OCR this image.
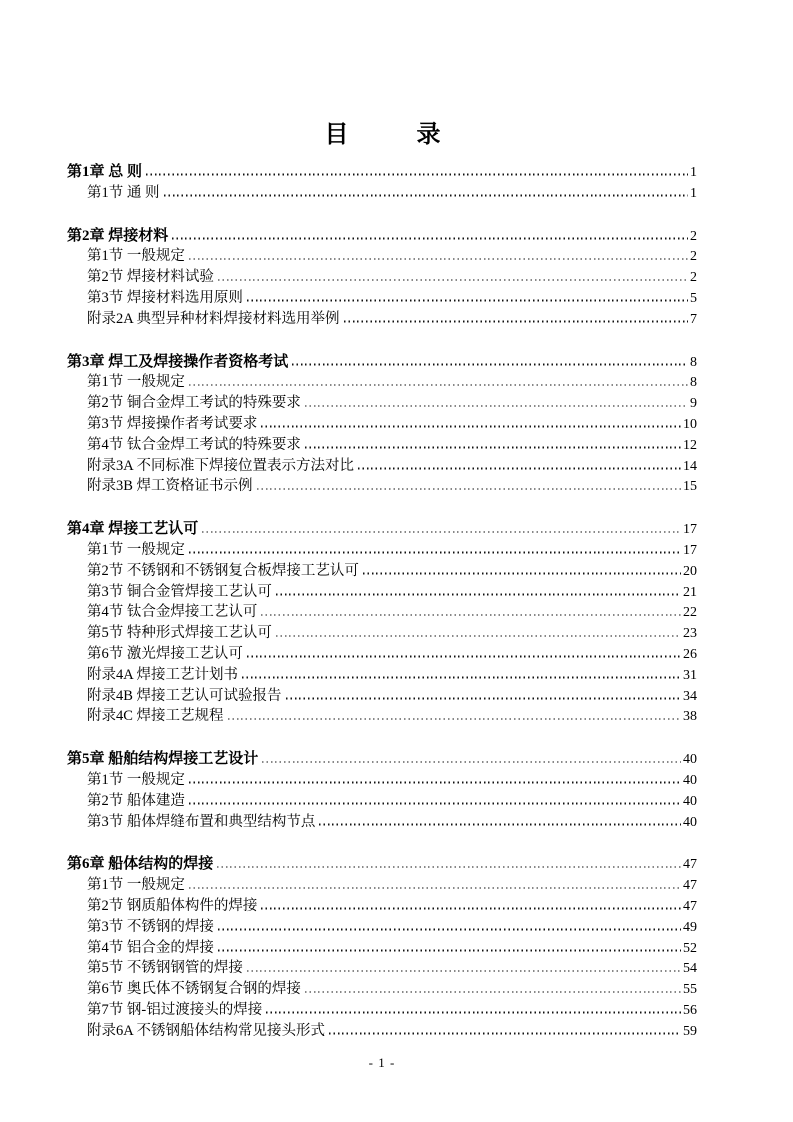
目 录
第1章 总 则	1
第1节 通 则	1
第2章 焊接材料	2
第1节 一般规定	2
第2节 焊接材料试验	2
第3节 焊接材料选用原则	5
附录2A 典型异种材料焊接材料选用举例	7
第3章 焊工及焊接操作者资格考试	8
第1节 一般规定	8
第2节 铜合金焊工考试的特殊要求	9
第3节 焊接操作者考试要求	10
第4节 钛合金焊工考试的特殊要求	12
附录3A 不同标准下焊接位置表示方法对比	14
附录3B 焊工资格证书示例	15
第4章 焊接工艺认可	17
第1节 一般规定	17
第2节 不锈钢和不锈钢复合板焊接工艺认可	20
第3节 铜合金管焊接工艺认可	21
第4节 钛合金焊接工艺认可	22
第5节 特种形式焊接工艺认可	23
第6节 激光焊接工艺认可	26
附录4A 焊接工艺计划书	31
附录4B 焊接工艺认可试验报告	34
附录4C 焊接工艺规程	38
第5章 船舶结构焊接工艺设计	40
第1节 一般规定	40
第2节 船体建造	40
第3节 船体焊缝布置和典型结构节点	40
第6章 船体结构的焊接	47
第1节 一般规定	47
第2节 钢质船体构件的焊接	47
第3节 不锈钢的焊接	49
第4节 铝合金的焊接	52
第5节 不锈钢钢管的焊接	54
第6节 奥氏体不锈钢复合钢的焊接	55
第7节 钢-铝过渡接头的焊接	56
附录6A 不锈钢船体结构常见接头形式	59
- 1 -
